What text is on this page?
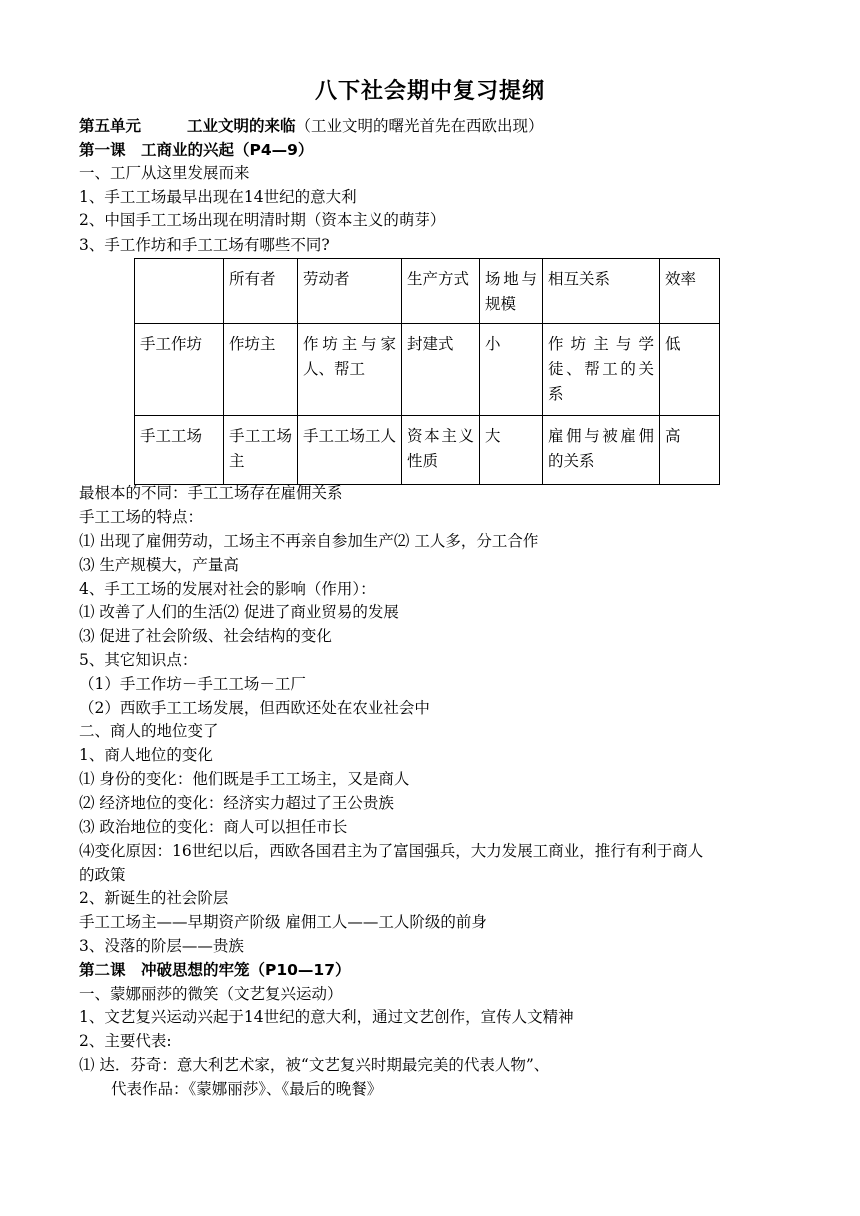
八下社会期中复习提纲
第五单元	工业文明的来临（工业文明的曙光首先在西欧出现）
第一课　工商业的兴起（P4—9）
一、工厂从这里发展而来
1、手工工场最早出现在14世纪的意大利
2、中国手工工场出现在明清时期（资本主义的萌芽）
3、手工作坊和手工工场有哪些不同?
	所有者	劳动者	生产方式	场地与规模	相互关系	效率
手工作坊	作坊主	作坊主与家人、帮工	封建式	小	作坊主与学徒、帮工的关系	低
手工工场	手工工场主	手工工场工人	资本主义性质	大	雇佣与被雇佣的关系	高
最根本的不同：手工工场存在雇佣关系
手工工场的特点：
⑴ 出现了雇佣劳动，工场主不再亲自参加生产⑵ 工人多，分工合作
⑶ 生产规模大，产量高
4、手工工场的发展对社会的影响（作用）：
⑴ 改善了人们的生活⑵ 促进了商业贸易的发展
⑶ 促进了社会阶级、社会结构的变化
5、其它知识点：
（1）手工作坊－手工工场－工厂
（2）西欧手工工场发展，但西欧还处在农业社会中
二、商人的地位变了
1、商人地位的变化
⑴ 身份的变化：他们既是手工工场主，又是商人
⑵ 经济地位的变化：经济实力超过了王公贵族
⑶ 政治地位的变化：商人可以担任市长
⑷变化原因：16世纪以后，西欧各国君主为了富国强兵，大力发展工商业，推行有利于商人
的政策
2、新诞生的社会阶层
手工工场主——早期资产阶级 雇佣工人——工人阶级的前身
3、没落的阶层——贵族
第二课　冲破思想的牢笼（P10—17）
一、蒙娜丽莎的微笑（文艺复兴运动）
1、文艺复兴运动兴起于14世纪的意大利，通过文艺创作，宣传人文精神
2、主要代表:
⑴ 达．芬奇：意大利艺术家，被“文艺复兴时期最完美的代表人物”、
代表作品：《蒙娜丽莎》、《最后的晚餐》
